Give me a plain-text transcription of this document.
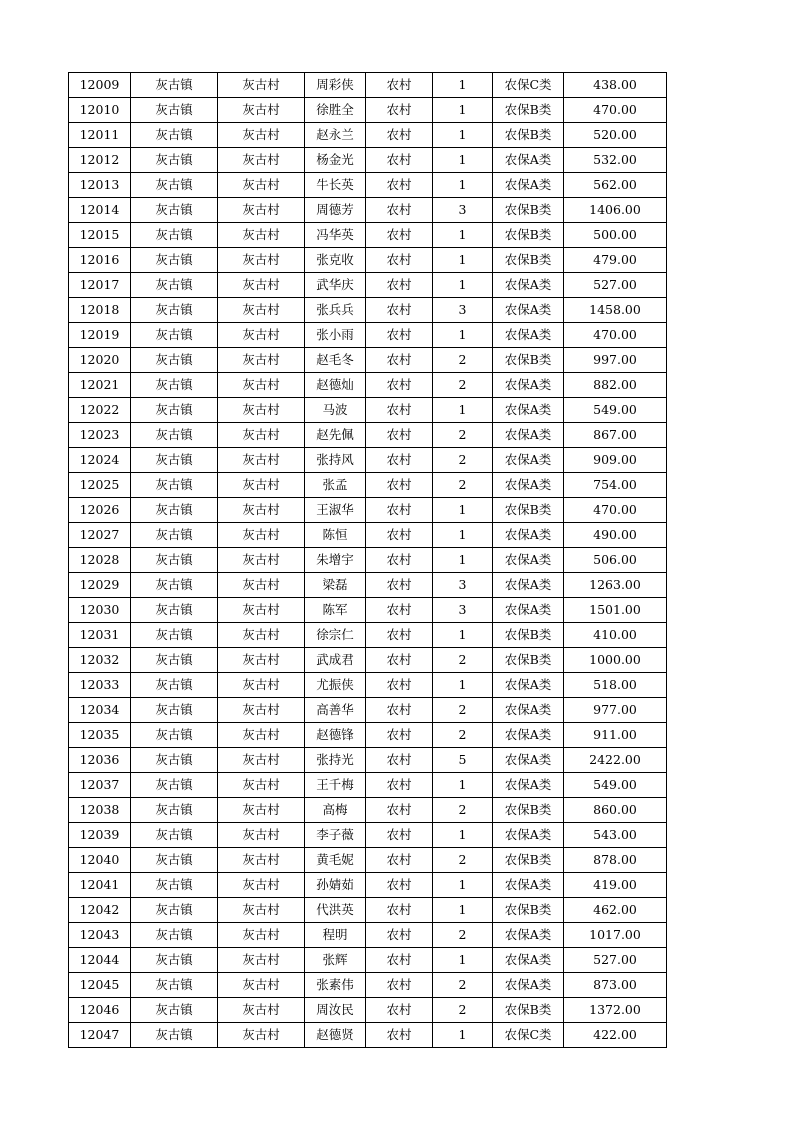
12009	灰古镇	灰古村	周彩侠	农村	1	农保C类	438.00
12010	灰古镇	灰古村	徐胜全	农村	1	农保B类	470.00
12011	灰古镇	灰古村	赵永兰	农村	1	农保B类	520.00
12012	灰古镇	灰古村	杨金光	农村	1	农保A类	532.00
12013	灰古镇	灰古村	牛长英	农村	1	农保A类	562.00
12014	灰古镇	灰古村	周德芳	农村	3	农保B类	1406.00
12015	灰古镇	灰古村	冯华英	农村	1	农保B类	500.00
12016	灰古镇	灰古村	张克收	农村	1	农保B类	479.00
12017	灰古镇	灰古村	武华庆	农村	1	农保A类	527.00
12018	灰古镇	灰古村	张兵兵	农村	3	农保A类	1458.00
12019	灰古镇	灰古村	张小雨	农村	1	农保A类	470.00
12020	灰古镇	灰古村	赵毛冬	农村	2	农保B类	997.00
12021	灰古镇	灰古村	赵德灿	农村	2	农保A类	882.00
12022	灰古镇	灰古村	马波	农村	1	农保A类	549.00
12023	灰古镇	灰古村	赵先佩	农村	2	农保A类	867.00
12024	灰古镇	灰古村	张持风	农村	2	农保A类	909.00
12025	灰古镇	灰古村	张孟	农村	2	农保A类	754.00
12026	灰古镇	灰古村	王淑华	农村	1	农保B类	470.00
12027	灰古镇	灰古村	陈恒	农村	1	农保A类	490.00
12028	灰古镇	灰古村	朱增宇	农村	1	农保A类	506.00
12029	灰古镇	灰古村	梁磊	农村	3	农保A类	1263.00
12030	灰古镇	灰古村	陈军	农村	3	农保A类	1501.00
12031	灰古镇	灰古村	徐宗仁	农村	1	农保B类	410.00
12032	灰古镇	灰古村	武成君	农村	2	农保B类	1000.00
12033	灰古镇	灰古村	尤振侠	农村	1	农保A类	518.00
12034	灰古镇	灰古村	高善华	农村	2	农保A类	977.00
12035	灰古镇	灰古村	赵德锋	农村	2	农保A类	911.00
12036	灰古镇	灰古村	张持光	农村	5	农保A类	2422.00
12037	灰古镇	灰古村	王千梅	农村	1	农保A类	549.00
12038	灰古镇	灰古村	高梅	农村	2	农保B类	860.00
12039	灰古镇	灰古村	李子薇	农村	1	农保A类	543.00
12040	灰古镇	灰古村	黄毛妮	农村	2	农保B类	878.00
12041	灰古镇	灰古村	孙婧茹	农村	1	农保A类	419.00
12042	灰古镇	灰古村	代洪英	农村	1	农保B类	462.00
12043	灰古镇	灰古村	程明	农村	2	农保A类	1017.00
12044	灰古镇	灰古村	张辉	农村	1	农保A类	527.00
12045	灰古镇	灰古村	张素伟	农村	2	农保A类	873.00
12046	灰古镇	灰古村	周汝民	农村	2	农保B类	1372.00
12047	灰古镇	灰古村	赵德贤	农村	1	农保C类	422.00
